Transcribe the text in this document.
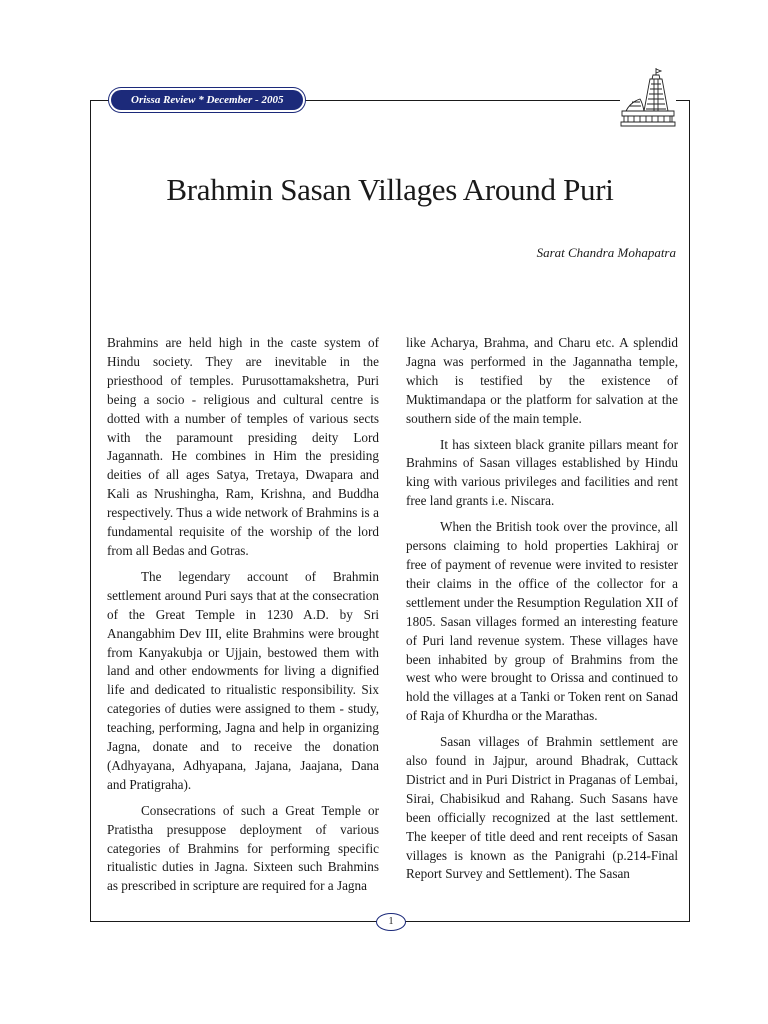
Orissa Review * December - 2005
Brahmin Sasan Villages Around Puri

Sarat Chandra Mohapatra

Brahmins are held high in the caste system of Hindu society. They are inevitable in the priesthood of temples. Purusottamakshetra, Puri being a socio - religious and cultural centre is dotted with a number of temples of various sects with the paramount presiding deity Lord Jagannath. He combines in Him the presiding deities of all ages Satya, Tretaya, Dwapara and Kali as Nrushingha, Ram, Krishna, and Buddha respectively. Thus a wide network of Brahmins is a fundamental requisite of the worship of the lord from all Bedas and Gotras.

The legendary account of Brahmin settlement around Puri says that at the consecration of the Great Temple in 1230 A.D. by Sri Anangabhim Dev III, elite Brahmins were brought from Kanyakubja or Ujjain, bestowed them with land and other endowments for living a dignified life and dedicated to ritualistic responsibility. Six categories of duties were assigned to them - study, teaching, performing, Jagna and help in organizing Jagna, donate and to receive the donation (Adhyayana, Adhyapana, Jajana, Jaajana, Dana and Pratigraha).

Consecrations of such a Great Temple or Pratistha presuppose deployment of various categories of Brahmins for performing specific ritualistic duties in Jagna. Sixteen such Brahmins as prescribed in scripture are required for a Jagna

like Acharya, Brahma, and Charu etc. A splendid Jagna was performed in the Jagannatha temple, which is testified by the existence of Muktimandapa or the platform for salvation at the southern side of the main temple.

It has sixteen black granite pillars meant for Brahmins of Sasan villages established by Hindu king with various privileges and facilities and rent free land grants i.e. Niscara.

When the British took over the province, all persons claiming to hold properties Lakhiraj or free of payment of revenue were invited to resister their claims in the office of the collector for a settlement under the Resumption Regulation XII of 1805. Sasan villages formed an interesting feature of Puri land revenue system. These villages have been inhabited by group of Brahmins from the west who were brought to Orissa and continued to hold the villages at a Tanki or Token rent on Sanad of Raja of Khurdha or the Marathas.

Sasan villages of Brahmin settlement are also found in Jajpur, around Bhadrak, Cuttack District and in Puri District in Praganas of Lembai, Sirai, Chabisikud and Rahang. Such Sasans have been officially recognized at the last settlement. The keeper of title deed and rent receipts of Sasan villages is known as the Panigrahi (p.214-Final Report Survey and Settlement). The Sasan

1
